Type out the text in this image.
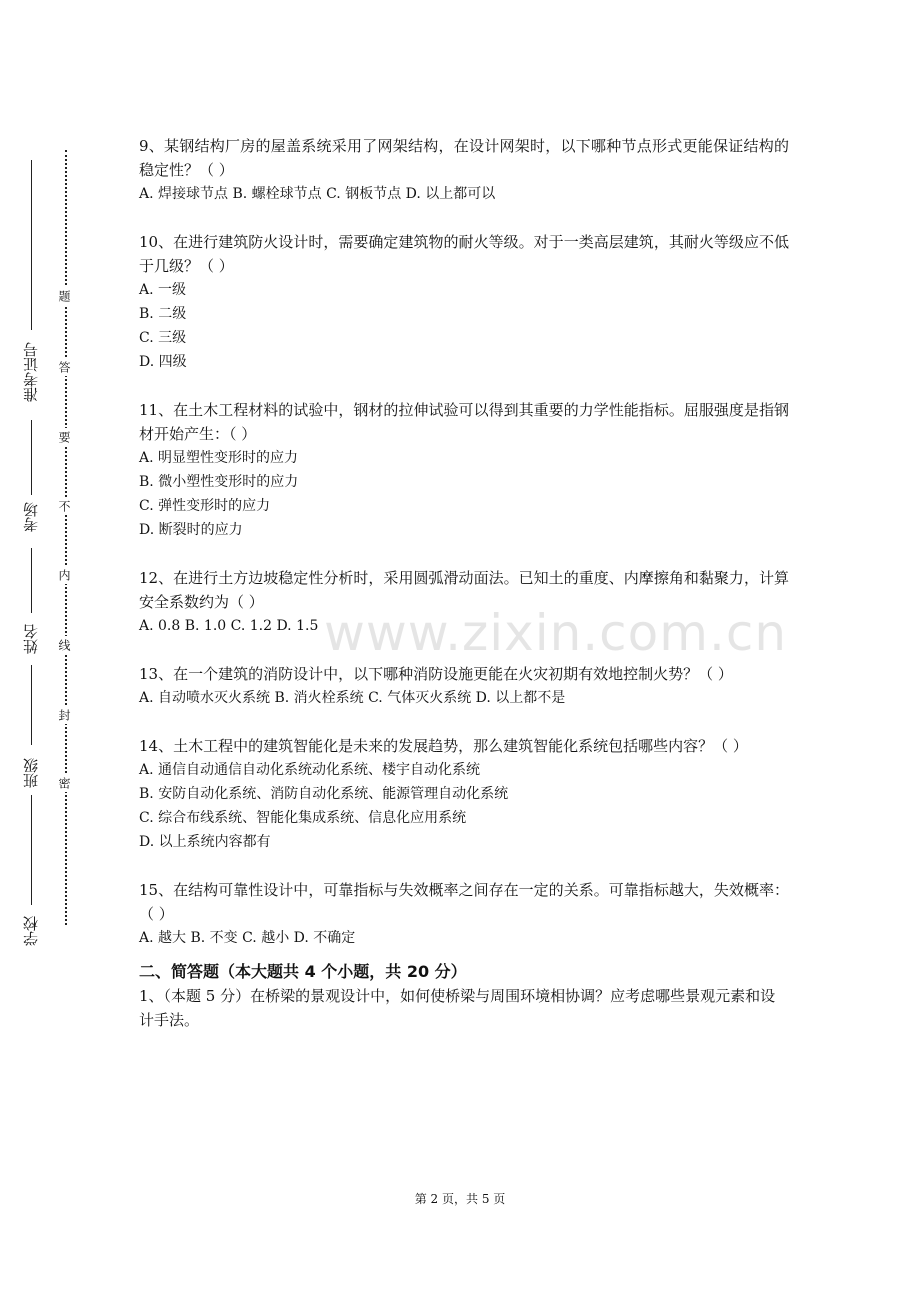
题
答
要
不
内
线
封
密
准考证号
考场
姓名
班级
学校

9、某钢结构厂房的屋盖系统采用了网架结构，在设计网架时，以下哪种节点形式更能保证结构的稳定性？（ ）

A. 焊接球节点 B. 螺栓球节点 C. 钢板节点 D. 以上都可以

10、在进行建筑防火设计时，需要确定建筑物的耐火等级。对于一类高层建筑，其耐火等级应不低于几级？（ ）

A. 一级

B. 二级

C. 三级

D. 四级

11、在土木工程材料的试验中，钢材的拉伸试验可以得到其重要的力学性能指标。屈服强度是指钢材开始产生：（ ）

A. 明显塑性变形时的应力

B. 微小塑性变形时的应力

C. 弹性变形时的应力

D. 断裂时的应力

12、在进行土方边坡稳定性分析时，采用圆弧滑动面法。已知土的重度、内摩擦角和黏聚力，计算安全系数约为（ ）

A. 0.8 B. 1.0 C. 1.2 D. 1.5

13、在一个建筑的消防设计中，以下哪种消防设施更能在火灾初期有效地控制火势？（ ）

A. 自动喷水灭火系统 B. 消火栓系统 C. 气体灭火系统 D. 以上都不是

14、土木工程中的建筑智能化是未来的发展趋势，那么建筑智能化系统包括哪些内容？（ ）

A. 通信自动通信自动化系统动化系统、楼宇自动化系统

B. 安防自动化系统、消防自动化系统、能源管理自动化系统

C. 综合布线系统、智能化集成系统、信息化应用系统

D. 以上系统内容都有

15、在结构可靠性设计中，可靠指标与失效概率之间存在一定的关系。可靠指标越大，失效概率：（ ）

A. 越大 B. 不变 C. 越小 D. 不确定

二、简答题（本大题共 4 个小题，共 20 分）

1、（本题 5 分）在桥梁的景观设计中，如何使桥梁与周围环境相协调？应考虑哪些景观元素和设计手法。

www.zixin.com.cn
第 2 页，共 5 页
